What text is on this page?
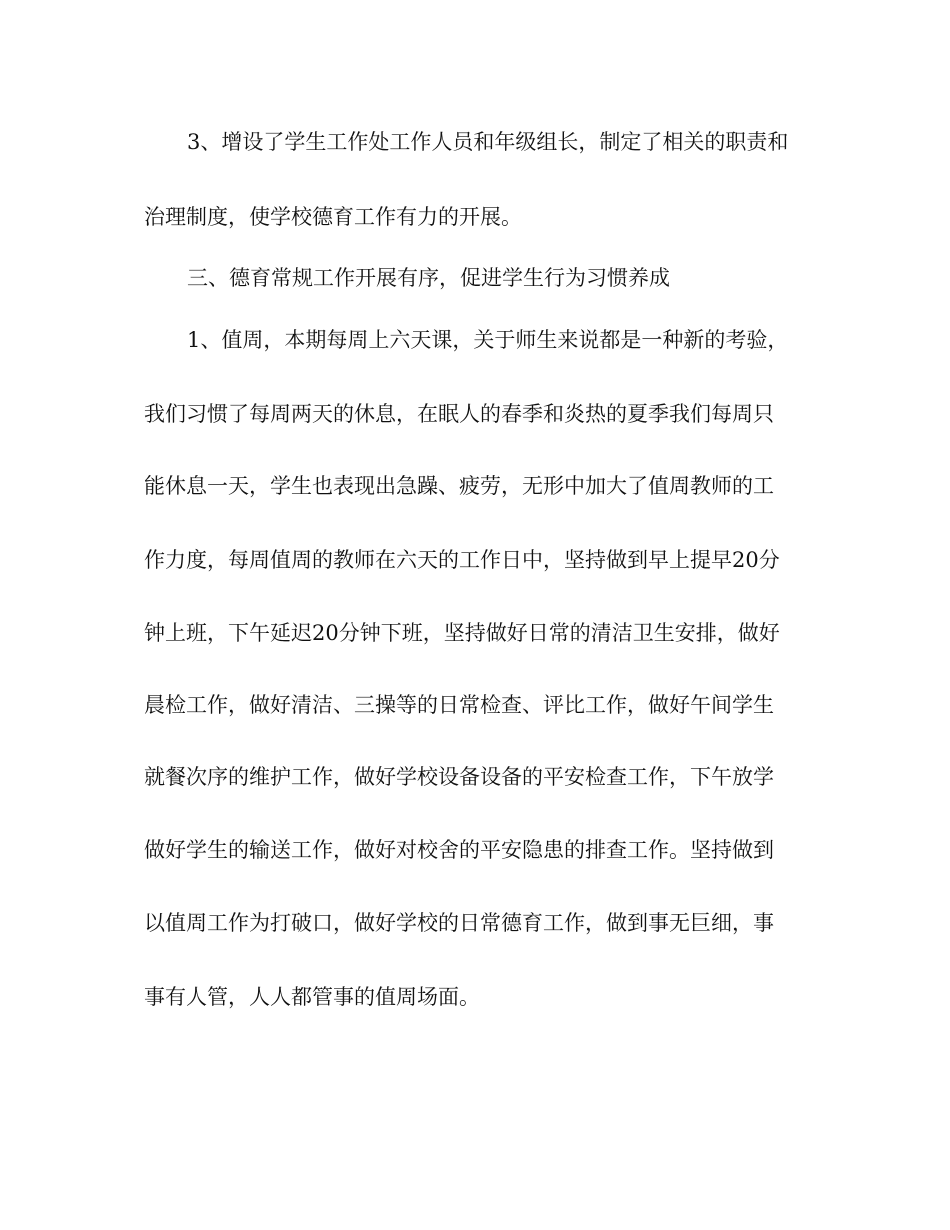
3、增设了学生工作处工作人员和年级组长，制定了相关的职责和
治理制度，使学校德育工作有力的开展。
三、德育常规工作开展有序，促进学生行为习惯养成
1、值周，本期每周上六天课，关于师生来说都是一种新的考验，
我们习惯了每周两天的休息，在眠人的春季和炎热的夏季我们每周只
能休息一天，学生也表现出急躁、疲劳，无形中加大了值周教师的工
作力度，每周值周的教师在六天的工作日中，坚持做到早上提早20分
钟上班，下午延迟20分钟下班，坚持做好日常的清洁卫生安排，做好
晨检工作，做好清洁、三操等的日常检查、评比工作，做好午间学生
就餐次序的维护工作，做好学校设备设备的平安检查工作，下午放学
做好学生的输送工作，做好对校舍的平安隐患的排查工作。坚持做到
以值周工作为打破口，做好学校的日常德育工作，做到事无巨细，事
事有人管，人人都管事的值周场面。
